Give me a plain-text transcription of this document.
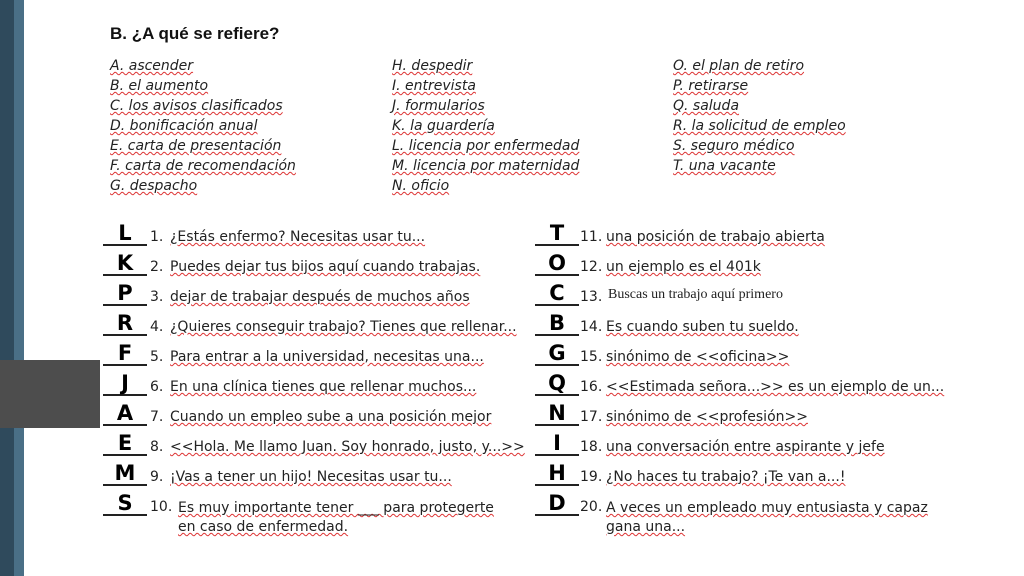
B. ¿A qué se refiere?
A. ascender
B. el aumento
C. los avisos clasificados
D. bonificación anual
E. carta de presentación
F. carta de recomendación
G. despacho
H. despedir
I. entrevista
J. formularios
K. la guardería
L. licencia por enfermedad
M. licencia por maternidad
N. oficio
O. el plan de retiro
P. retirarse
Q. saluda
R. la solicitud de empleo
S. seguro médico
T. una vacante
L	1. ¿Estás enfermo? Necesitas usar tu...
K	2. Puedes dejar tus bijos aquí cuando trabajas.
P	3. dejar de trabajar después de muchos años
R	4. ¿Quieres conseguir trabajo? Tienes que rellenar...
F	5. Para entrar a la universidad, necesitas una...
J	6. En una clínica tienes que rellenar muchos...
A	7. Cuando un empleo sube a una posición mejor
E	8. <<Hola. Me llamo Juan. Soy honrado, justo, y...>>
M	9. ¡Vas a tener un hijo! Necesitas usar tu...
S	10. Es muy importante tener ___ para protegerte en caso de enfermedad.
T	11. una posición de trabajo abierta
O	12. un ejemplo es el 401k
C	13. Buscas un trabajo aquí primero
B	14. Es cuando suben tu sueldo.
G	15. sinónimo de <<oficina>>
Q	16. <<Estimada señora...>> es un ejemplo de un...
N	17. sinónimo de <<profesión>>
I	18. una conversación entre aspirante y jefe
H	19. ¿No haces tu trabajo? ¡Te van a...!
D	20. A veces un empleado muy entusiasta y capaz gana una...
